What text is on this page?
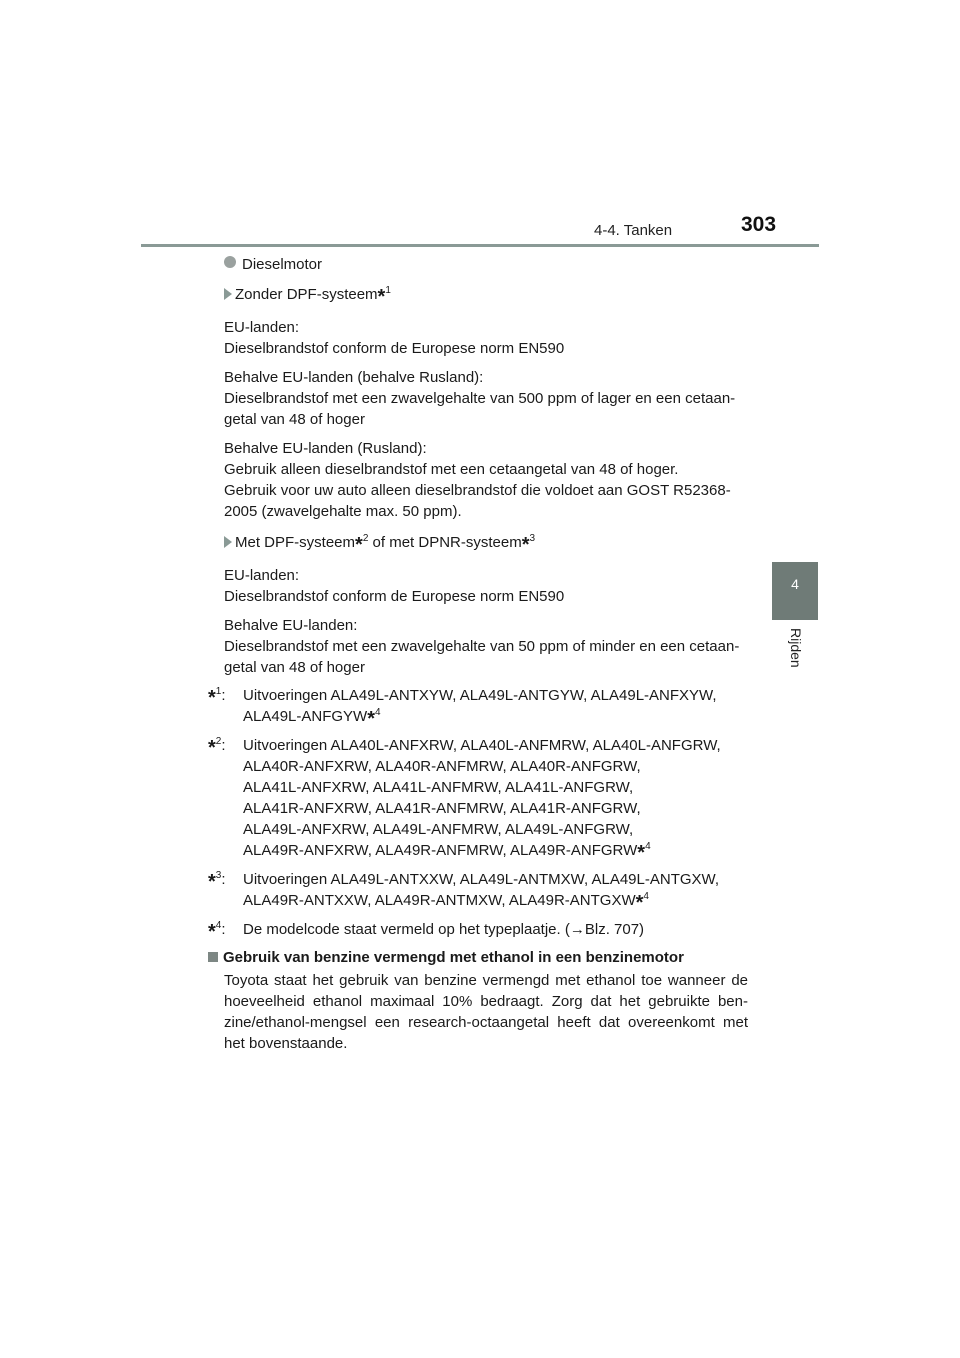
4-4. Tanken	303
4
Rijden
Dieselmotor
Zonder DPF-systeem*$^1$

EU-landen:

Dieselbrandstof conform de Europese norm EN590

Behalve EU-landen (behalve Rusland):

Dieselbrandstof met een zwavelgehalte van 500 ppm of lager en een cetaan-

getal van 48 of hoger

Behalve EU-landen (Rusland):

Gebruik alleen dieselbrandstof met een cetaangetal van 48 of hoger.

Gebruik voor uw auto alleen dieselbrandstof die voldoet aan GOST R52368-

2005 (zwavelgehalte max. 50 ppm).

Met DPF-systeem*$^2$ of met DPNR-systeem*$^3$

EU-landen:

Dieselbrandstof conform de Europese norm EN590

Behalve EU-landen:

Dieselbrandstof met een zwavelgehalte van 50 ppm of minder en een cetaan-

getal van 48 of hoger

*$^1$: Uitvoeringen ALA49L-ANTXYW, ALA49L-ANTGYW, ALA49L-ANFXYW,

ALA49L-ANFGYW*$^4$

*$^2$: Uitvoeringen ALA40L-ANFXRW, ALA40L-ANFMRW, ALA40L-ANFGRW,

ALA40R-ANFXRW, ALA40R-ANFMRW, ALA40R-ANFGRW,

ALA41L-ANFXRW, ALA41L-ANFMRW, ALA41L-ANFGRW,

ALA41R-ANFXRW, ALA41R-ANFMRW, ALA41R-ANFGRW,

ALA49L-ANFXRW, ALA49L-ANFMRW, ALA49L-ANFGRW,

ALA49R-ANFXRW, ALA49R-ANFMRW, ALA49R-ANFGRW*$^4$

*$^3$: Uitvoeringen ALA49L-ANTXXW, ALA49L-ANTMXW, ALA49L-ANTGXW,

ALA49R-ANTXXW, ALA49R-ANTMXW, ALA49R-ANTGXW*$^4$

*$^4$: De modelcode staat vermeld op het typeplaatje. (→Blz. 707)

Gebruik van benzine vermengd met ethanol in een benzinemotor

Toyota staat het gebruik van benzine vermengd met ethanol toe wanneer de hoeveelheid ethanol maximaal 10% bedraagt. Zorg dat het gebruikte ben-zine/ethanol-mengsel een research-octaangetal heeft dat overeenkomt met het bovenstaande.
